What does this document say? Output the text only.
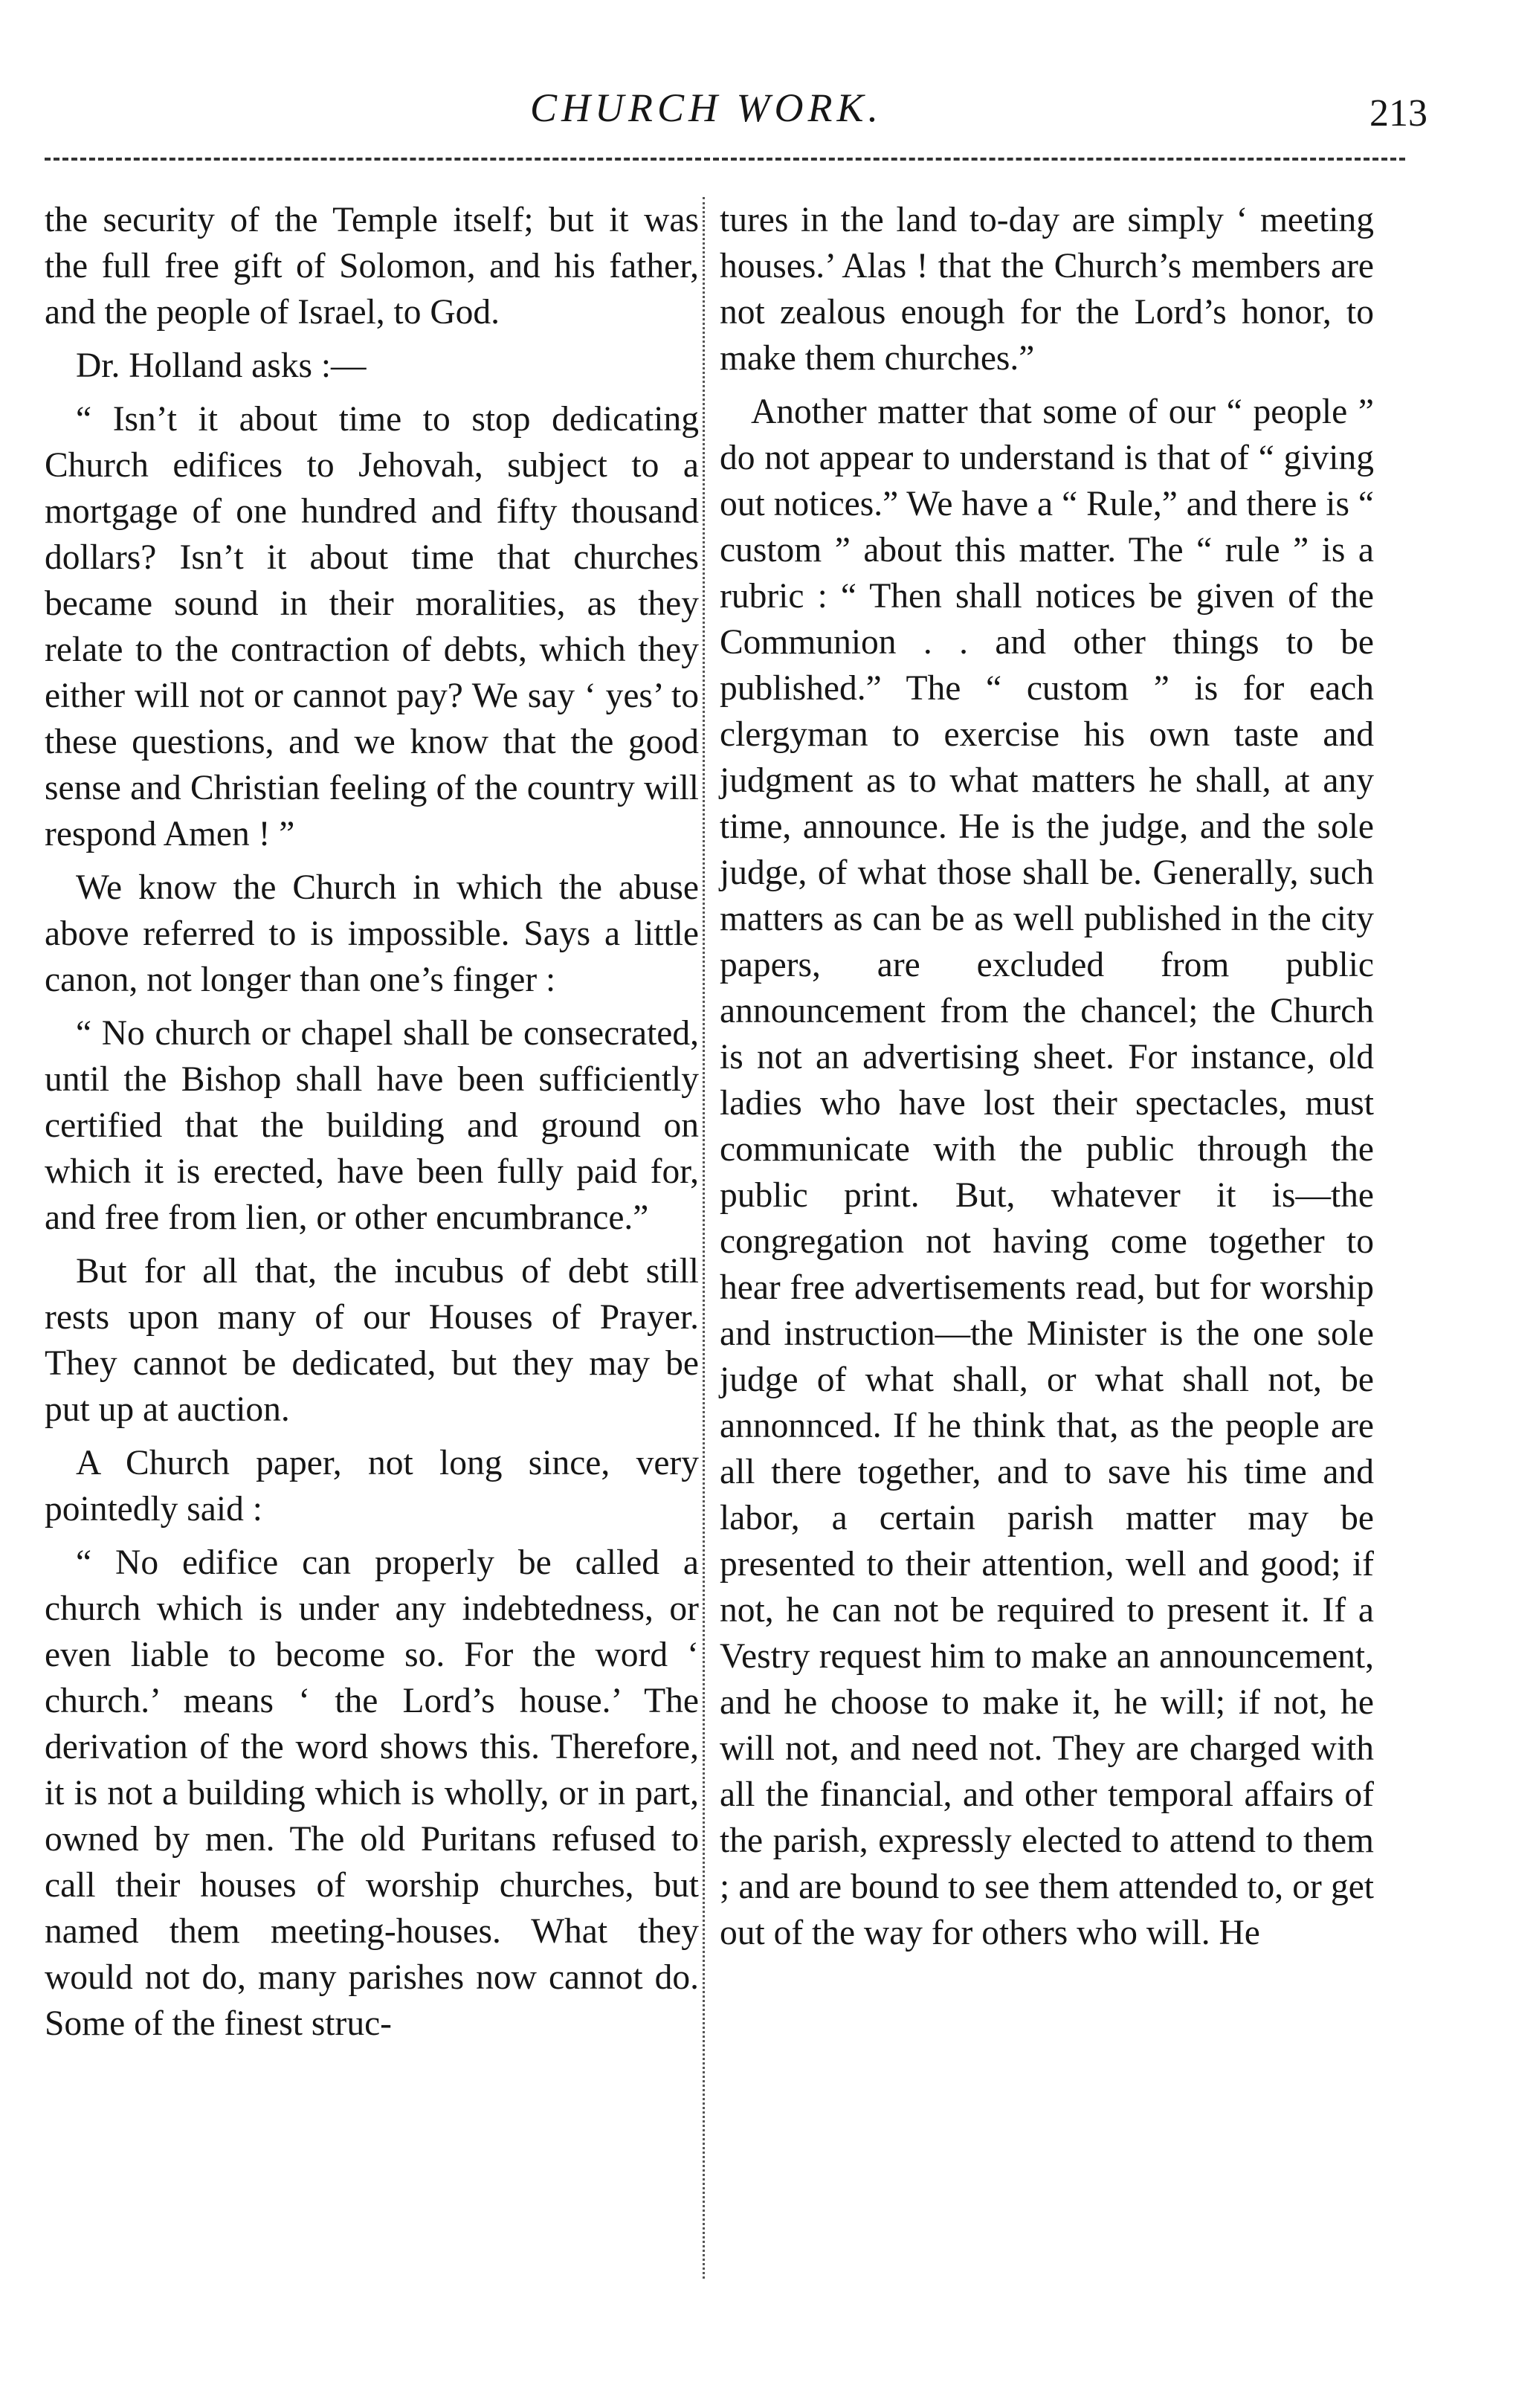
CHURCH WORK.	213

the security of the Temple itself; but it was the full free gift of Solomon, and his father, and the people of Israel, to God.

Dr. Holland asks :—

“ Isn’t it about time to stop dedicating Church edifices to Jehovah, subject to a mortgage of one hundred and fifty thousand dollars? Isn’t it about time that churches became sound in their moralities, as they relate to the contraction of debts, which they either will not or cannot pay? We say ‘ yes’ to these questions, and we know that the good sense and Christian feeling of the country will respond Amen ! ”

We know the Church in which the abuse above referred to is impossible. Says a little canon, not longer than one’s finger :

“ No church or chapel shall be consecrated, until the Bishop shall have been sufficiently certified that the building and ground on which it is erected, have been fully paid for, and free from lien, or other encumbrance.”

But for all that, the incubus of debt still rests upon many of our Houses of Prayer. They cannot be dedicated, but they may be put up at auction.

A Church paper, not long since, very pointedly said :

“ No edifice can properly be called a church which is under any indebtedness, or even liable to become so. For the word ‘ church.’ means ‘ the Lord’s house.’ The derivation of the word shows this. Therefore, it is not a building which is wholly, or in part, owned by men. The old Puritans refused to call their houses of worship churches, but named them meeting-houses. What they would not do, many parishes now cannot do. Some of the finest struc-

tures in the land to-day are simply ‘ meeting houses.’ Alas ! that the Church’s members are not zealous enough for the Lord’s honor, to make them churches.”

Another matter that some of our “ people ” do not appear to understand is that of “ giving out notices.” We have a “ Rule,” and there is “ custom ” about this matter. The “ rule ” is a rubric : “ Then shall notices be given of the Communion . . and other things to be published.” The “ custom ” is for each clergyman to exercise his own taste and judgment as to what matters he shall, at any time, announce. He is the judge, and the sole judge, of what those shall be. Generally, such matters as can be as well published in the city papers, are excluded from public announcement from the chancel; the Church is not an advertising sheet. For instance, old ladies who have lost their spectacles, must communicate with the public through the public print. But, whatever it is—the congregation not having come together to hear free advertisements read, but for worship and instruction—the Minister is the one sole judge of what shall, or what shall not, be annonnced. If he think that, as the people are all there together, and to save his time and labor, a certain parish matter may be presented to their attention, well and good; if not, he can not be required to present it. If a Vestry request him to make an announcement, and he choose to make it, he will; if not, he will not, and need not. They are charged with all the financial, and other temporal affairs of the parish, expressly elected to attend to them ; and are bound to see them attended to, or get out of the way for others who will. He
